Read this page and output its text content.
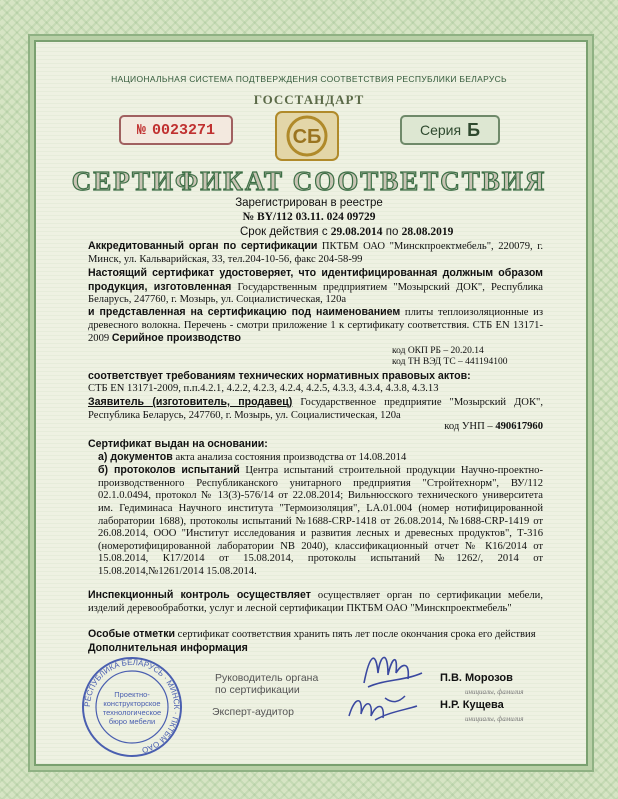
НАЦИОНАЛЬНАЯ СИСТЕМА ПОДТВЕРЖДЕНИЯ СООТВЕТСТВИЯ РЕСПУБЛИКИ БЕЛАРУСЬ
ГОССТАНДАРТ
№ 0023271	СБ	Серия Б
СЕРТИФИКАТ СООТВЕТСТВИЯ
Зарегистрирован в реестре
№ BY/112 03.11. 024 09729
Срок действия с 29.08.2014 по 28.08.2019
Аккредитованный орган по сертификации ПКТБМ ОАО "Минскпроектмебель", 220079, г. Минск, ул. Кальварийская, 33, тел.204-10-56, факс 204-58-99
Настоящий сертификат удостоверяет, что идентифицированная должным образом продукция, изготовленная Государственным предприятием "Мозырский ДОК", Республика Беларусь, 247760, г. Мозырь, ул. Социалистическая, 120а
и представленная на сертификацию под наименованием плиты теплоизоляционные из древесного волокна. Перечень - смотри приложение 1 к сертификату соответствия. СТБ EN 13171-2009 Серийное производство
код ОКП РБ – 20.20.14
код ТН ВЭД ТС – 441194100
соответствует требованиям технических нормативных правовых актов:
СТБ EN 13171-2009, п.п.4.2.1, 4.2.2, 4.2.3, 4.2.4, 4.2.5, 4.3.3, 4.3.4, 4.3.8, 4.3.13
Заявитель (изготовитель, продавец) Государственное предприятие "Мозырский ДОК", Республика Беларусь, 247760, г. Мозырь, ул. Социалистическая, 120а
код УНП – 490617960
Сертификат выдан на основании:
а) документов акта анализа состояния производства от 14.08.2014
б) протоколов испытаний Центра испытаний строительной продукции Научно-проектно-производственного Республиканского унитарного предприятия "Стройтехнорм", ВУ/112 02.1.0.0494, протокол № 13(3)-576/14 от 22.08.2014; Вильнюсского технического университета им. Гедиминаса Научного института "Термоизоляция", LA.01.004 (номер нотифицированной лаборатории 1688), протоколы испытаний №1688-CRP-1418 от 26.08.2014, №1688-CRP-1419 от 26.08.2014, ООО "Институт исследования и развития лесных и древесных продуктов", Т-316 (номеротифицированной лаборатории NB 2040), классификационный отчет № К16/2014 от 15.08.2014, К17/2014 от 15.08.2014, протоколы испытаний №1262/, 2014 от 15.08.2014,№1261/2014 15.08.2014.
Инспекционный контроль осуществляет осуществляет орган по сертификации мебели, изделий деревообработки, услуг и лесной сертификации ПКТБМ ОАО "Минскпроектмебель"
Особые отметки сертификат соответствия хранить пять лет после окончания срока его действия
Дополнительная информация
РЕСПУБЛИКА БЕЛАРУСЬ · МИНСК · ПКТБМ ОАО
Проектно-
конструкторское
технологическое
бюро мебели
Руководитель органа
по сертификации
П.В. Морозов
инициалы, фамилия
Эксперт-аудитор
Н.Р. Кущева
инициалы, фамилия
